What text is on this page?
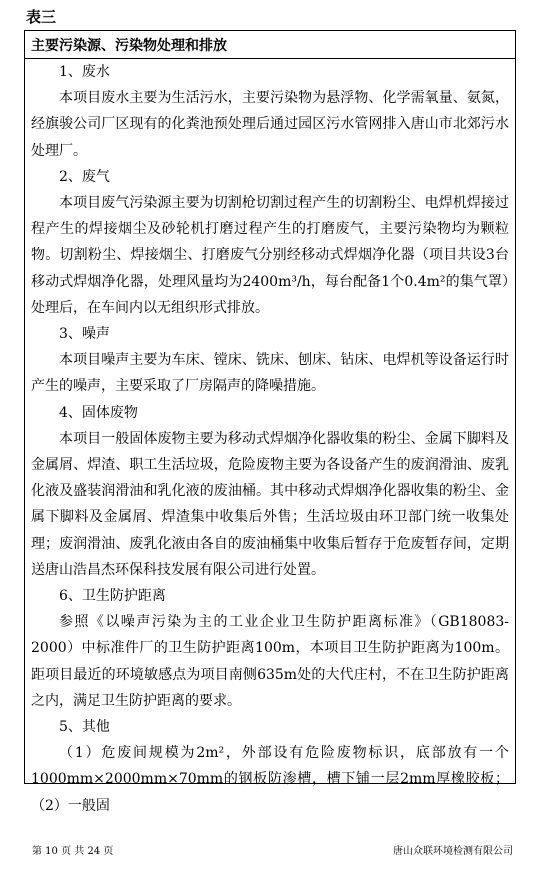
表三
主要污染源、污染物处理和排放

1、废水

本项目废水主要为生活污水，主要污染物为悬浮物、化学需氧量、氨氮，经旗骏公司厂区现有的化粪池预处理后通过园区污水管网排入唐山市北郊污水处理厂。

2、废气

本项目废气污染源主要为切割枪切割过程产生的切割粉尘、电焊机焊接过程产生的焊接烟尘及砂轮机打磨过程产生的打磨废气，主要污染物均为颗粒物。切割粉尘、焊接烟尘、打磨废气分别经移动式焊烟净化器（项目共设3台移动式焊烟净化器，处理风量均为2400m³/h，每台配备1个0.4m²的集气罩）处理后，在车间内以无组织形式排放。

3、噪声

本项目噪声主要为车床、镗床、铣床、刨床、钻床、电焊机等设备运行时产生的噪声，主要采取了厂房隔声的降噪措施。

4、固体废物

本项目一般固体废物主要为移动式焊烟净化器收集的粉尘、金属下脚料及金属屑、焊渣、职工生活垃圾，危险废物主要为各设备产生的废润滑油、废乳化液及盛装润滑油和乳化液的废油桶。其中移动式焊烟净化器收集的粉尘、金属下脚料及金属屑、焊渣集中收集后外售；生活垃圾由环卫部门统一收集处理；废润滑油、废乳化液由各自的废油桶集中收集后暂存于危废暂存间，定期送唐山浩昌杰环保科技发展有限公司进行处置。

6、卫生防护距离

参照《以噪声污染为主的工业企业卫生防护距离标准》（GB18083-2000）中标准件厂的卫生防护距离100m，本项目卫生防护距离为100m。距项目最近的环境敏感点为项目南侧635m处的大代庄村，不在卫生防护距离之内，满足卫生防护距离的要求。

5、其他

（1）危废间规模为2m²，外部设有危险废物标识，底部放有一个1000mm×2000mm×70mm的钢板防渗槽，槽下铺一层2mm厚橡胶板；（2）一般固

第 10 页 共 24 页	唐山众联环境检测有限公司
